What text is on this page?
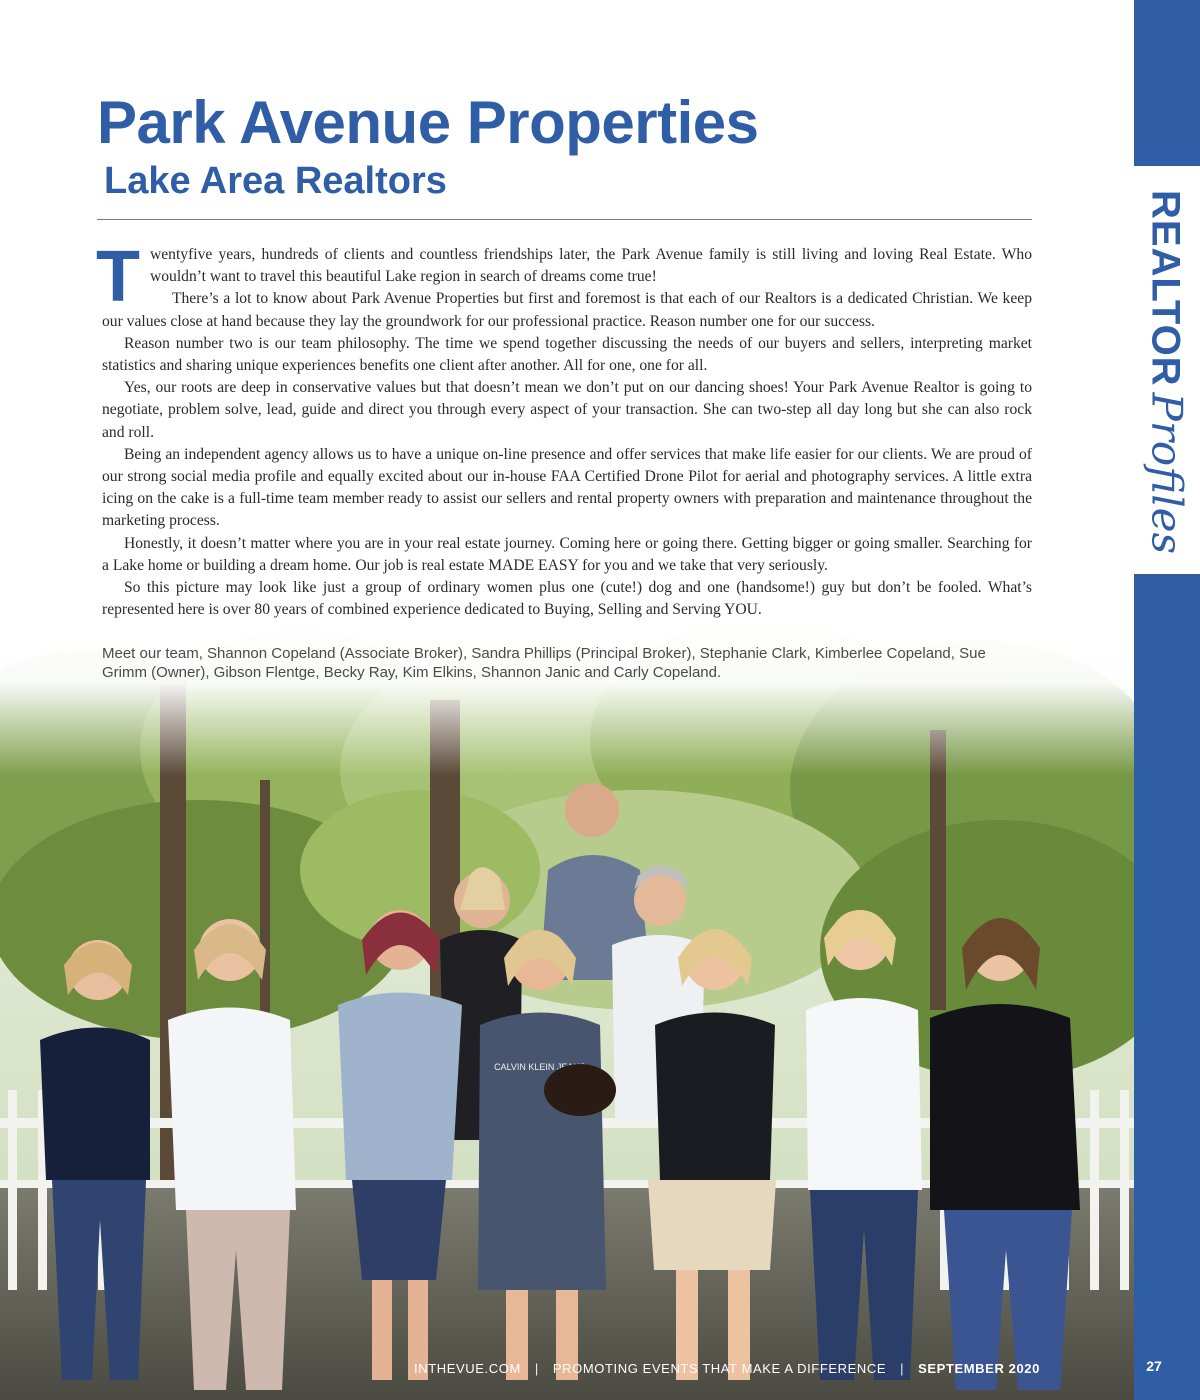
REALTOR
Profiles
Park Avenue Properties
Lake Area Realtors

Twentyfive years, hundreds of clients and countless friendships later, the Park Avenue family is still living and loving Real Estate. Who wouldn’t want to travel this beautiful Lake region in search of dreams come true!

There’s a lot to know about Park Avenue Properties but first and foremost is that each of our Realtors is a dedicated Christian. We keep our values close at hand because they lay the groundwork for our professional practice. Reason number one for our success.

Reason number two is our team philosophy. The time we spend together discussing the needs of our buyers and sellers, interpreting market statistics and sharing unique experiences benefits one client after another. All for one, one for all.

Yes, our roots are deep in conservative values but that doesn’t mean we don’t put on our dancing shoes! Your Park Avenue Realtor is going to negotiate, problem solve, lead, guide and direct you through every aspect of your transaction. She can two-step all day long but she can also rock and roll.

Being an independent agency allows us to have a unique on-line presence and offer services that make life easier for our clients. We are proud of our strong social media profile and equally excited about our in-house FAA Certified Drone Pilot for aerial and photography services. A little extra icing on the cake is a full-time team member ready to assist our sellers and rental property owners with preparation and maintenance throughout the marketing process.

Honestly, it doesn’t matter where you are in your real estate journey. Coming here or going there. Getting bigger or going smaller. Searching for a Lake home or building a dream home. Our job is real estate MADE EASY for you and we take that very seriously.

So this picture may look like just a group of ordinary women plus one (cute!) dog and one (handsome!) guy but don’t be fooled. What’s represented here is over 80 years of combined experience dedicated to Buying, Selling and Serving YOU.

Meet our team, Shannon Copeland (Associate Broker), Sandra Phillips (Principal Broker), Stephanie Clark, Kimberlee Copeland, Sue Grimm (Owner), Gibson Flentge, Becky Ray, Kim Elkins, Shannon Janic and Carly Copeland.
INTHEVUE.COM | PROMOTING EVENTS THAT MAKE A DIFFERENCE | SEPTEMBER 2020	27
